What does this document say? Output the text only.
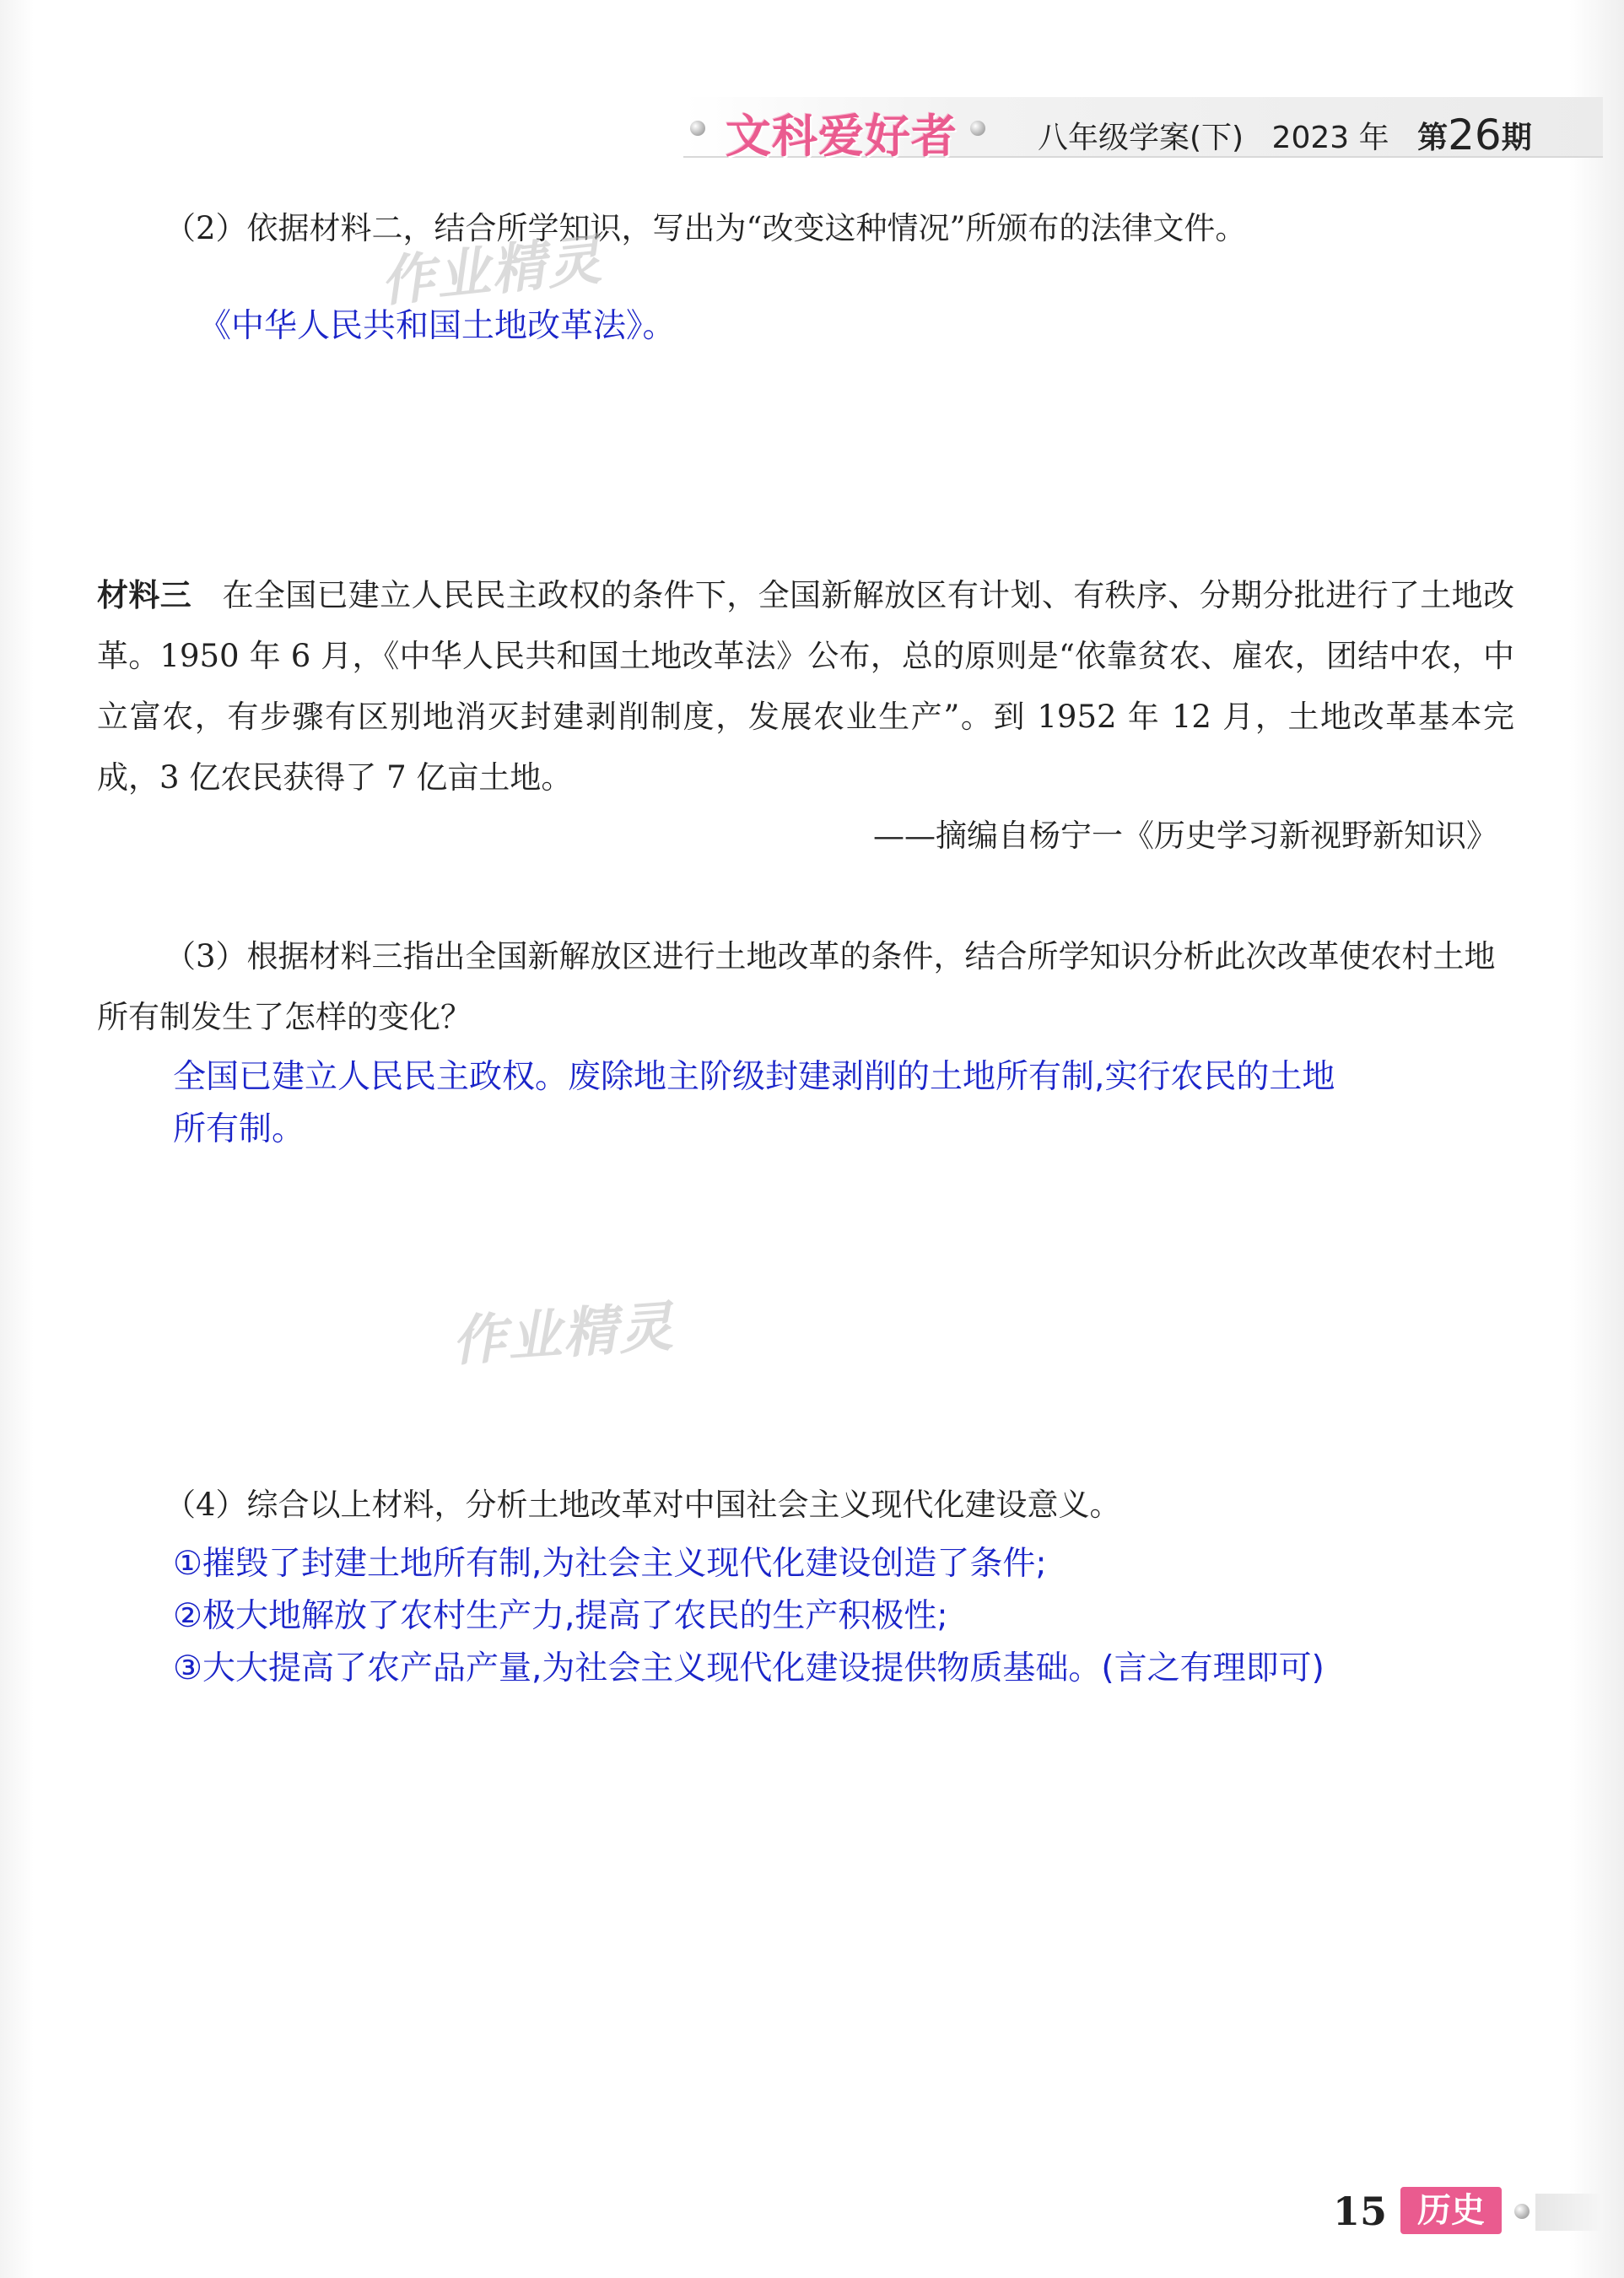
文科爱好者	八年级学案(下) 2023 年 第26期
（2）依据材料二，结合所学知识，写出为“改变这种情况”所颁布的法律文件。
《中华人民共和国土地改革法》。
作业精灵
材料三 在全国已建立人民民主政权的条件下，全国新解放区有计划、有秩序、分期分批进行了土地改革。1950 年 6 月，《中华人民共和国土地改革法》公布，总的原则是“依靠贫农、雇农，团结中农，中立富农，有步骤有区别地消灭封建剥削制度，发展农业生产”。到 1952 年 12 月，土地改革基本完成，3 亿农民获得了 7 亿亩土地。
——摘编自杨宁一《历史学习新视野新知识》
（3）根据材料三指出全国新解放区进行土地改革的条件，结合所学知识分析此次改革使农村土地所有制发生了怎样的变化？
全国已建立人民民主政权。废除地主阶级封建剥削的土地所有制,实行农民的土地
所有制。
作业精灵
（4）综合以上材料，分析土地改革对中国社会主义现代化建设意义。
①摧毁了封建土地所有制,为社会主义现代化建设创造了条件;
②极大地解放了农村生产力,提高了农民的生产积极性;
③大大提高了农产品产量,为社会主义现代化建设提供物质基础。(言之有理即可)
15 历史
